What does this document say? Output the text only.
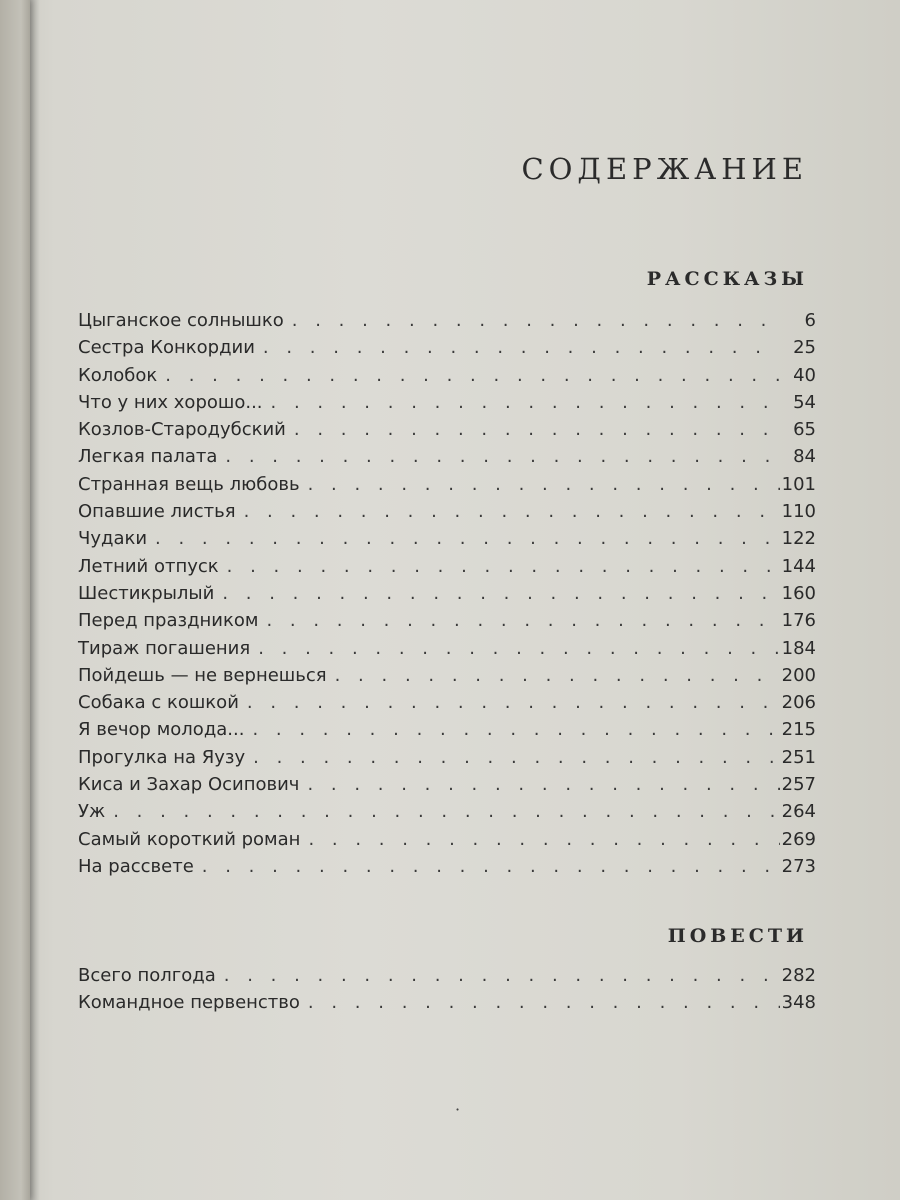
СОДЕРЖАНИЕ
РАССКАЗЫ
Цыганское солнышко . . .	6
Сестра Конкордии . . .	25
Колобок . . .	40
Что у них хорошо... . . .	54
Козлов-Стародубский . . .	65
Легкая палата . . .	84
Странная вещь любовь . . .	101
Опавшие листья . . .	110
Чудаки . . .	122
Летний отпуск . . .	144
Шестикрылый . . .	160
Перед праздником . . .	176
Тираж погашения . . .	184
Пойдешь — не вернешься . . .	200
Собака с кошкой . . .	206
Я вечор молода... . . .	215
Прогулка на Яузу . . .	251
Киса и Захар Осипович . . .	257
Уж . . .	264
Самый короткий роман . . .	269
На рассвете . . .	273
ПОВЕСТИ
Всего полгода . . .	282
Командное первенство . . .	348
·
